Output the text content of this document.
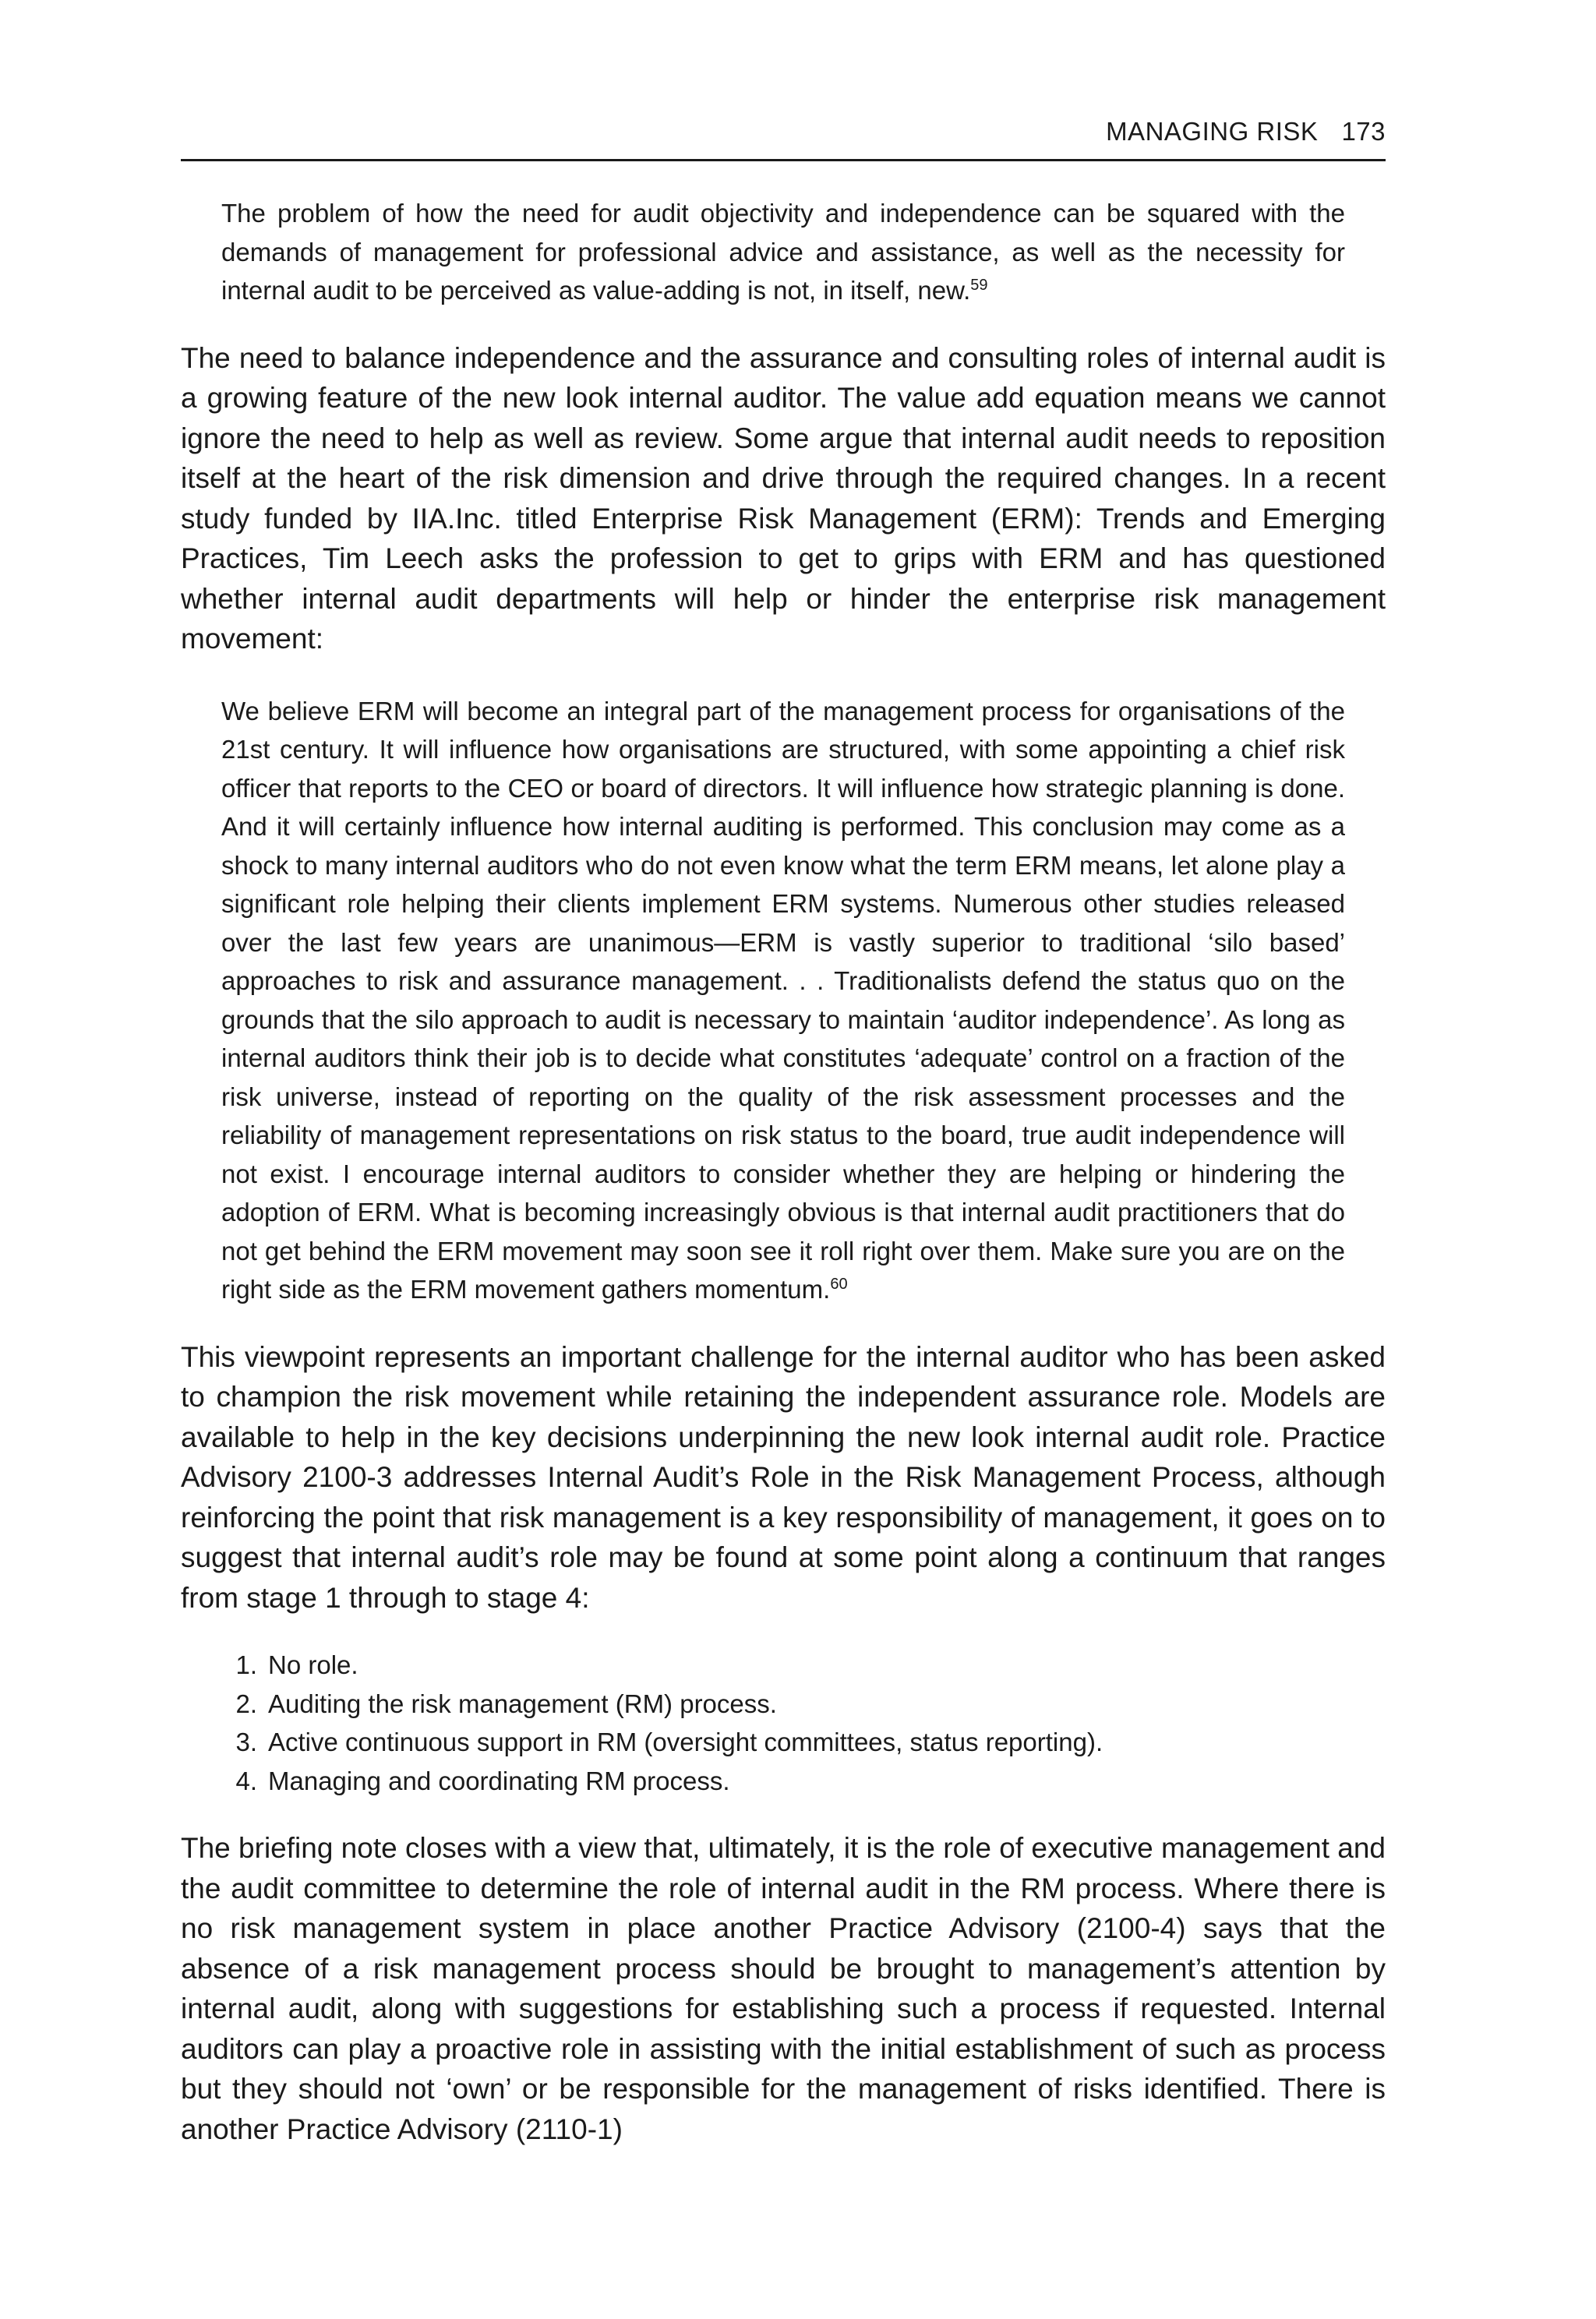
MANAGING RISK 173

The problem of how the need for audit objectivity and independence can be squared with the demands of management for professional advice and assistance, as well as the necessity for internal audit to be perceived as value-adding is not, in itself, new.$^{59}$

The need to balance independence and the assurance and consulting roles of internal audit is a growing feature of the new look internal auditor. The value add equation means we cannot ignore the need to help as well as review. Some argue that internal audit needs to reposition itself at the heart of the risk dimension and drive through the required changes. In a recent study funded by IIA.Inc. titled Enterprise Risk Management (ERM): Trends and Emerging Practices, Tim Leech asks the profession to get to grips with ERM and has questioned whether internal audit departments will help or hinder the enterprise risk management movement:

We believe ERM will become an integral part of the management process for organisations of the 21st century. It will influence how organisations are structured, with some appointing a chief risk officer that reports to the CEO or board of directors. It will influence how strategic planning is done. And it will certainly influence how internal auditing is performed. This conclusion may come as a shock to many internal auditors who do not even know what the term ERM means, let alone play a significant role helping their clients implement ERM systems. Numerous other studies released over the last few years are unanimous—ERM is vastly superior to traditional ‘silo based’ approaches to risk and assurance management. . . Traditionalists defend the status quo on the grounds that the silo approach to audit is necessary to maintain ‘auditor independence’. As long as internal auditors think their job is to decide what constitutes ‘adequate’ control on a fraction of the risk universe, instead of reporting on the quality of the risk assessment processes and the reliability of management representations on risk status to the board, true audit independence will not exist. I encourage internal auditors to consider whether they are helping or hindering the adoption of ERM. What is becoming increasingly obvious is that internal audit practitioners that do not get behind the ERM movement may soon see it roll right over them. Make sure you are on the right side as the ERM movement gathers momentum.$^{60}$

This viewpoint represents an important challenge for the internal auditor who has been asked to champion the risk movement while retaining the independent assurance role. Models are available to help in the key decisions underpinning the new look internal audit role. Practice Advisory 2100-3 addresses Internal Audit’s Role in the Risk Management Process, although reinforcing the point that risk management is a key responsibility of management, it goes on to suggest that internal audit’s role may be found at some point along a continuum that ranges from stage 1 through to stage 4:

1. No role.
2. Auditing the risk management (RM) process.
3. Active continuous support in RM (oversight committees, status reporting).
4. Managing and coordinating RM process.

The briefing note closes with a view that, ultimately, it is the role of executive management and the audit committee to determine the role of internal audit in the RM process. Where there is no risk management system in place another Practice Advisory (2100-4) says that the absence of a risk management process should be brought to management’s attention by internal audit, along with suggestions for establishing such a process if requested. Internal auditors can play a proactive role in assisting with the initial establishment of such as process but they should not ‘own’ or be responsible for the management of risks identified. There is another Practice Advisory (2110-1)
